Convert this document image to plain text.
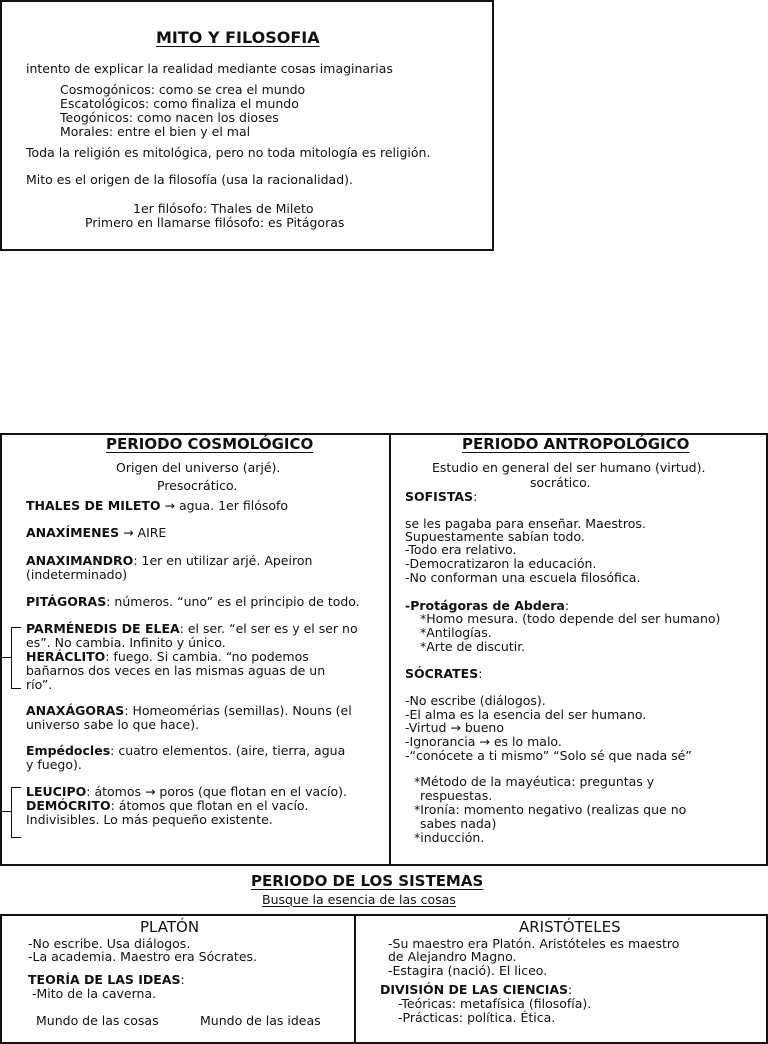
MITO Y FILOSOFIA
intento de explicar la realidad mediante cosas imaginarias
Cosmogónicos: como se crea el mundo
Escatológicos: como finaliza el mundo
Teogónicos: como nacen los dioses
Morales: entre el bien y el mal
Toda la religión es mitológica, pero no toda mitología es religión.
Mito es el origen de la filosofía (usa la racionalidad).
1er filósofo: Thales de Mileto
Primero en llamarse filósofo: es Pitágoras
PERIODO COSMOLÓGICO
Origen del universo (arjé).
Presocrático.
THALES DE MILETO → agua. 1er filósofo
ANAXÍMENES → AIRE
ANAXIMANDRO: 1er en utilizar arjé. Apeiron
(indeterminado)
PITÁGORAS: números. “uno” es el principio de todo.
PARMÉNEDIS DE ELEA: el ser. “el ser es y el ser no
es”. No cambia. Infinito y único.
HERÁCLITO: fuego. Si cambia. “no podemos
bañarnos dos veces en las mismas aguas de un
río”.
ANAXÁGORAS: Homeomérias (semillas). Nouns (el
universo sabe lo que hace).
Empédocles: cuatro elementos. (aire, tierra, agua
y fuego).
LEUCIPO: átomos → poros (que flotan en el vacío).
DEMÓCRITO: átomos que flotan en el vacío.
Indivisibles. Lo más pequeño existente.
PERIODO ANTROPOLÓGICO
Estudio en general del ser humano (virtud).
socrático.
SOFISTAS:
se les pagaba para enseñar. Maestros.
Supuestamente sabían todo.
-Todo era relativo.
-Democratizaron la educación.
-No conforman una escuela filosófica.
-Protágoras de Abdera:
*Homo mesura. (todo depende del ser humano)
*Antilogías.
*Arte de discutir.
SÓCRATES:
-No escribe (diálogos).
-El alma es la esencia del ser humano.
-Virtud → bueno
-Ignorancia → es lo malo.
-“conócete a ti mismo” “Solo sé que nada sé”
*Método de la mayéutica: preguntas y
respuestas.
*Ironía: momento negativo (realizas que no
sabes nada)
*inducción.
PERIODO DE LOS SISTEMAS
Busque la esencia de las cosas
PLATÓN
-No escribe. Usa diálogos.
-La academia. Maestro era Sócrates.
TEORÍA DE LAS IDEAS:
-Mito de la caverna.
Mundo de las cosas	Mundo de las ideas
ARISTÓTELES
-Su maestro era Platón. Aristóteles es maestro
de Alejandro Magno.
-Estagira (nació). El liceo.
DIVISIÓN DE LAS CIENCIAS:
-Teóricas: metafísica (filosofía).
-Prácticas: política. Ética.
